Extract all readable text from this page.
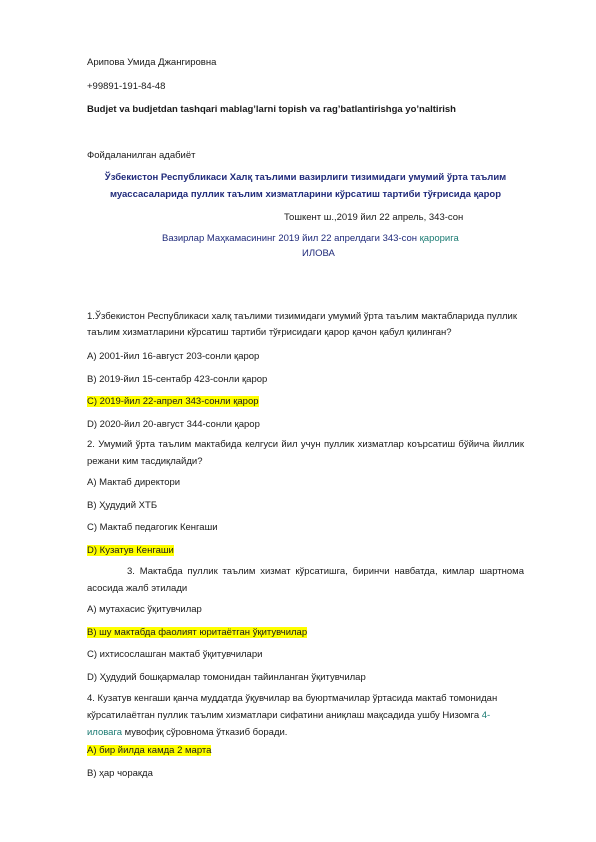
Арипова Умида Джангировна
+99891-191-84-48
Budjet va budjetdan tashqari mablag’larni topish va rag’batlantirishga yo’naltirish
Фойдаланилган адабиёт
Ўзбекистон Республикаси Халқ таълими вазирлиги тизимидаги умумий ўрта таълим
муассасаларида пуллик таълим хизматларини кўрсатиш тартиби тўғрисида қарор
Тошкент ш.,2019 йил 22 апрель, 343-сон
Вазирлар Маҳкамасининг 2019 йил 22 апрелдаги 343-сон қарорига
ИЛОВА
1.Ўзбекистон Республикаси халқ таълими тизимидаги умумий ўрта таълим мактабларида пуллик
таълим хизматларини кўрсатиш тартиби тўғрисидаги қарор қачон қабул қилинган?
A) 2001-йил 16-август 203-сонли қарор
B) 2019-йил 15-сентабр 423-сонли қарор
C) 2019-йил 22-апрел 343-сонли қарор
D) 2020-йил 20-август 344-сонли қарор
2. Умумий ўрта таълим мактабида келгуси йил учун пуллик хизматлар коърсатиш бўйича йиллик режани ким тасдиқлайди?
A) Мактаб директори
B) Ҳудудий ХТБ
C) Мактаб педагогик Кенгаши
D) Кузатув Кенгаши
3. Мактабда пуллик таълим хизмат кўрсатишга, биринчи навбатда, кимлар шартнома асосида жалб этилади
A) мутахасис ўқитувчилар
B) шу мактабда фаолият юритаётган ўқитувчилар
C) ихтисослашган мактаб ўқитувчилари
D) Ҳудудий бошқармалар томонидан тайинланган ўқитувчилар
4. Кузатув кенгаши қанча муддатда ўқувчилар ва буюртмачилар ўртасида мактаб томонидан кўрсатилаётган пуллик таълим хизматлари сифатини аниқлаш мақсадида ушбу Низомга 4-иловага мувофиқ сўровнома ўтказиб боради.
A) бир йилда камда 2 марта
B) ҳар чоракда
